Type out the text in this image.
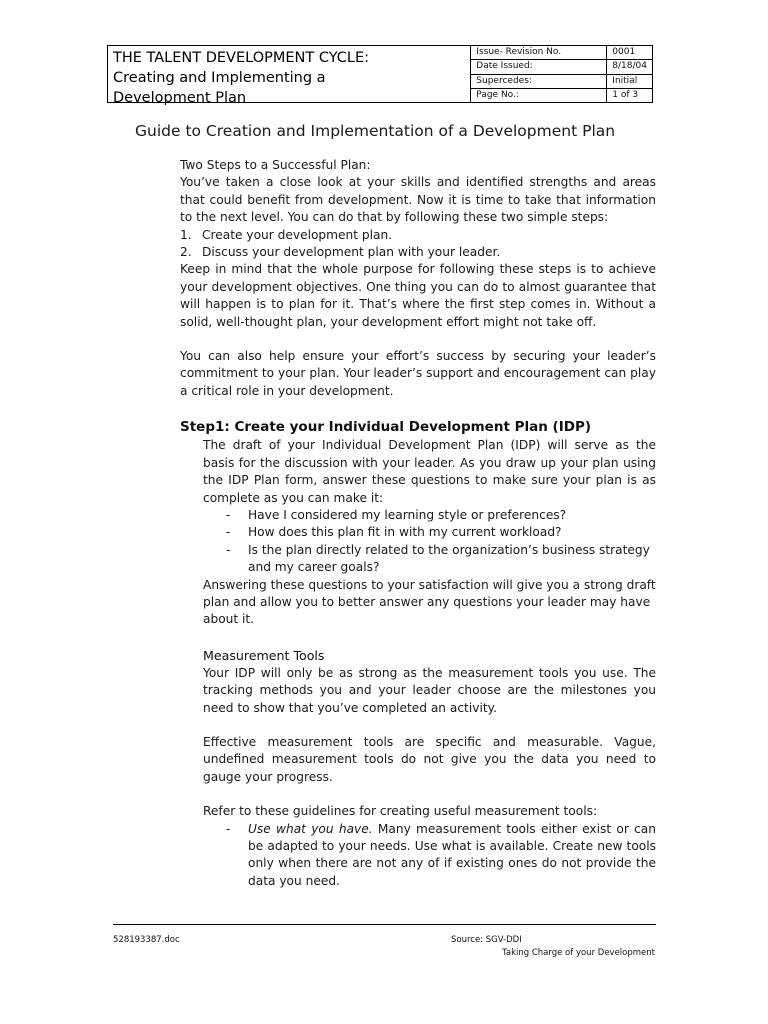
THE TALENT DEVELOPMENT CYCLE:
Creating and Implementing a
Development Plan
Issue- Revision No.	0001
Date Issued:	8/18/04
Supercedes:	Initial
Page No.:	1 of 3
Guide to Creation and Implementation of a Development Plan

Two Steps to a Successful Plan:

You’ve taken a close look at your skills and identified strengths and areas that could benefit from development. Now it is time to take that information to the next level. You can do that by following these two simple steps:

1. Create your development plan.
2. Discuss your development plan with your leader.

Keep in mind that the whole purpose for following these steps is to achieve your development objectives. One thing you can do to almost guarantee that will happen is to plan for it. That’s where the first step comes in. Without a solid, well-thought plan, your development effort might not take off.

You can also help ensure your effort’s success by securing your leader’s commitment to your plan. Your leader’s support and encouragement can play a critical role in your development.

Step1: Create your Individual Development Plan (IDP)

The draft of your Individual Development Plan (IDP) will serve as the basis for the discussion with your leader. As you draw up your plan using the IDP Plan form, answer these questions to make sure your plan is as complete as you can make it:

-	Have I considered my learning style or preferences?
-	How does this plan fit in with my current workload?
-	Is the plan directly related to the organization’s business strategy and my career goals?

Answering these questions to your satisfaction will give you a strong draft plan and allow you to better answer any questions your leader may have about it.

Measurement Tools

Your IDP will only be as strong as the measurement tools you use. The tracking methods you and your leader choose are the milestones you need to show that you’ve completed an activity.

Effective measurement tools are specific and measurable. Vague, undefined measurement tools do not give you the data you need to gauge your progress.

Refer to these guidelines for creating useful measurement tools:

-	Use what you have. Many measurement tools either exist or can be adapted to your needs. Use what is available. Create new tools only when there are not any of if existing ones do not provide the data you need.
528193387.doc	Source: SGV-DDI
Taking Charge of your Development
